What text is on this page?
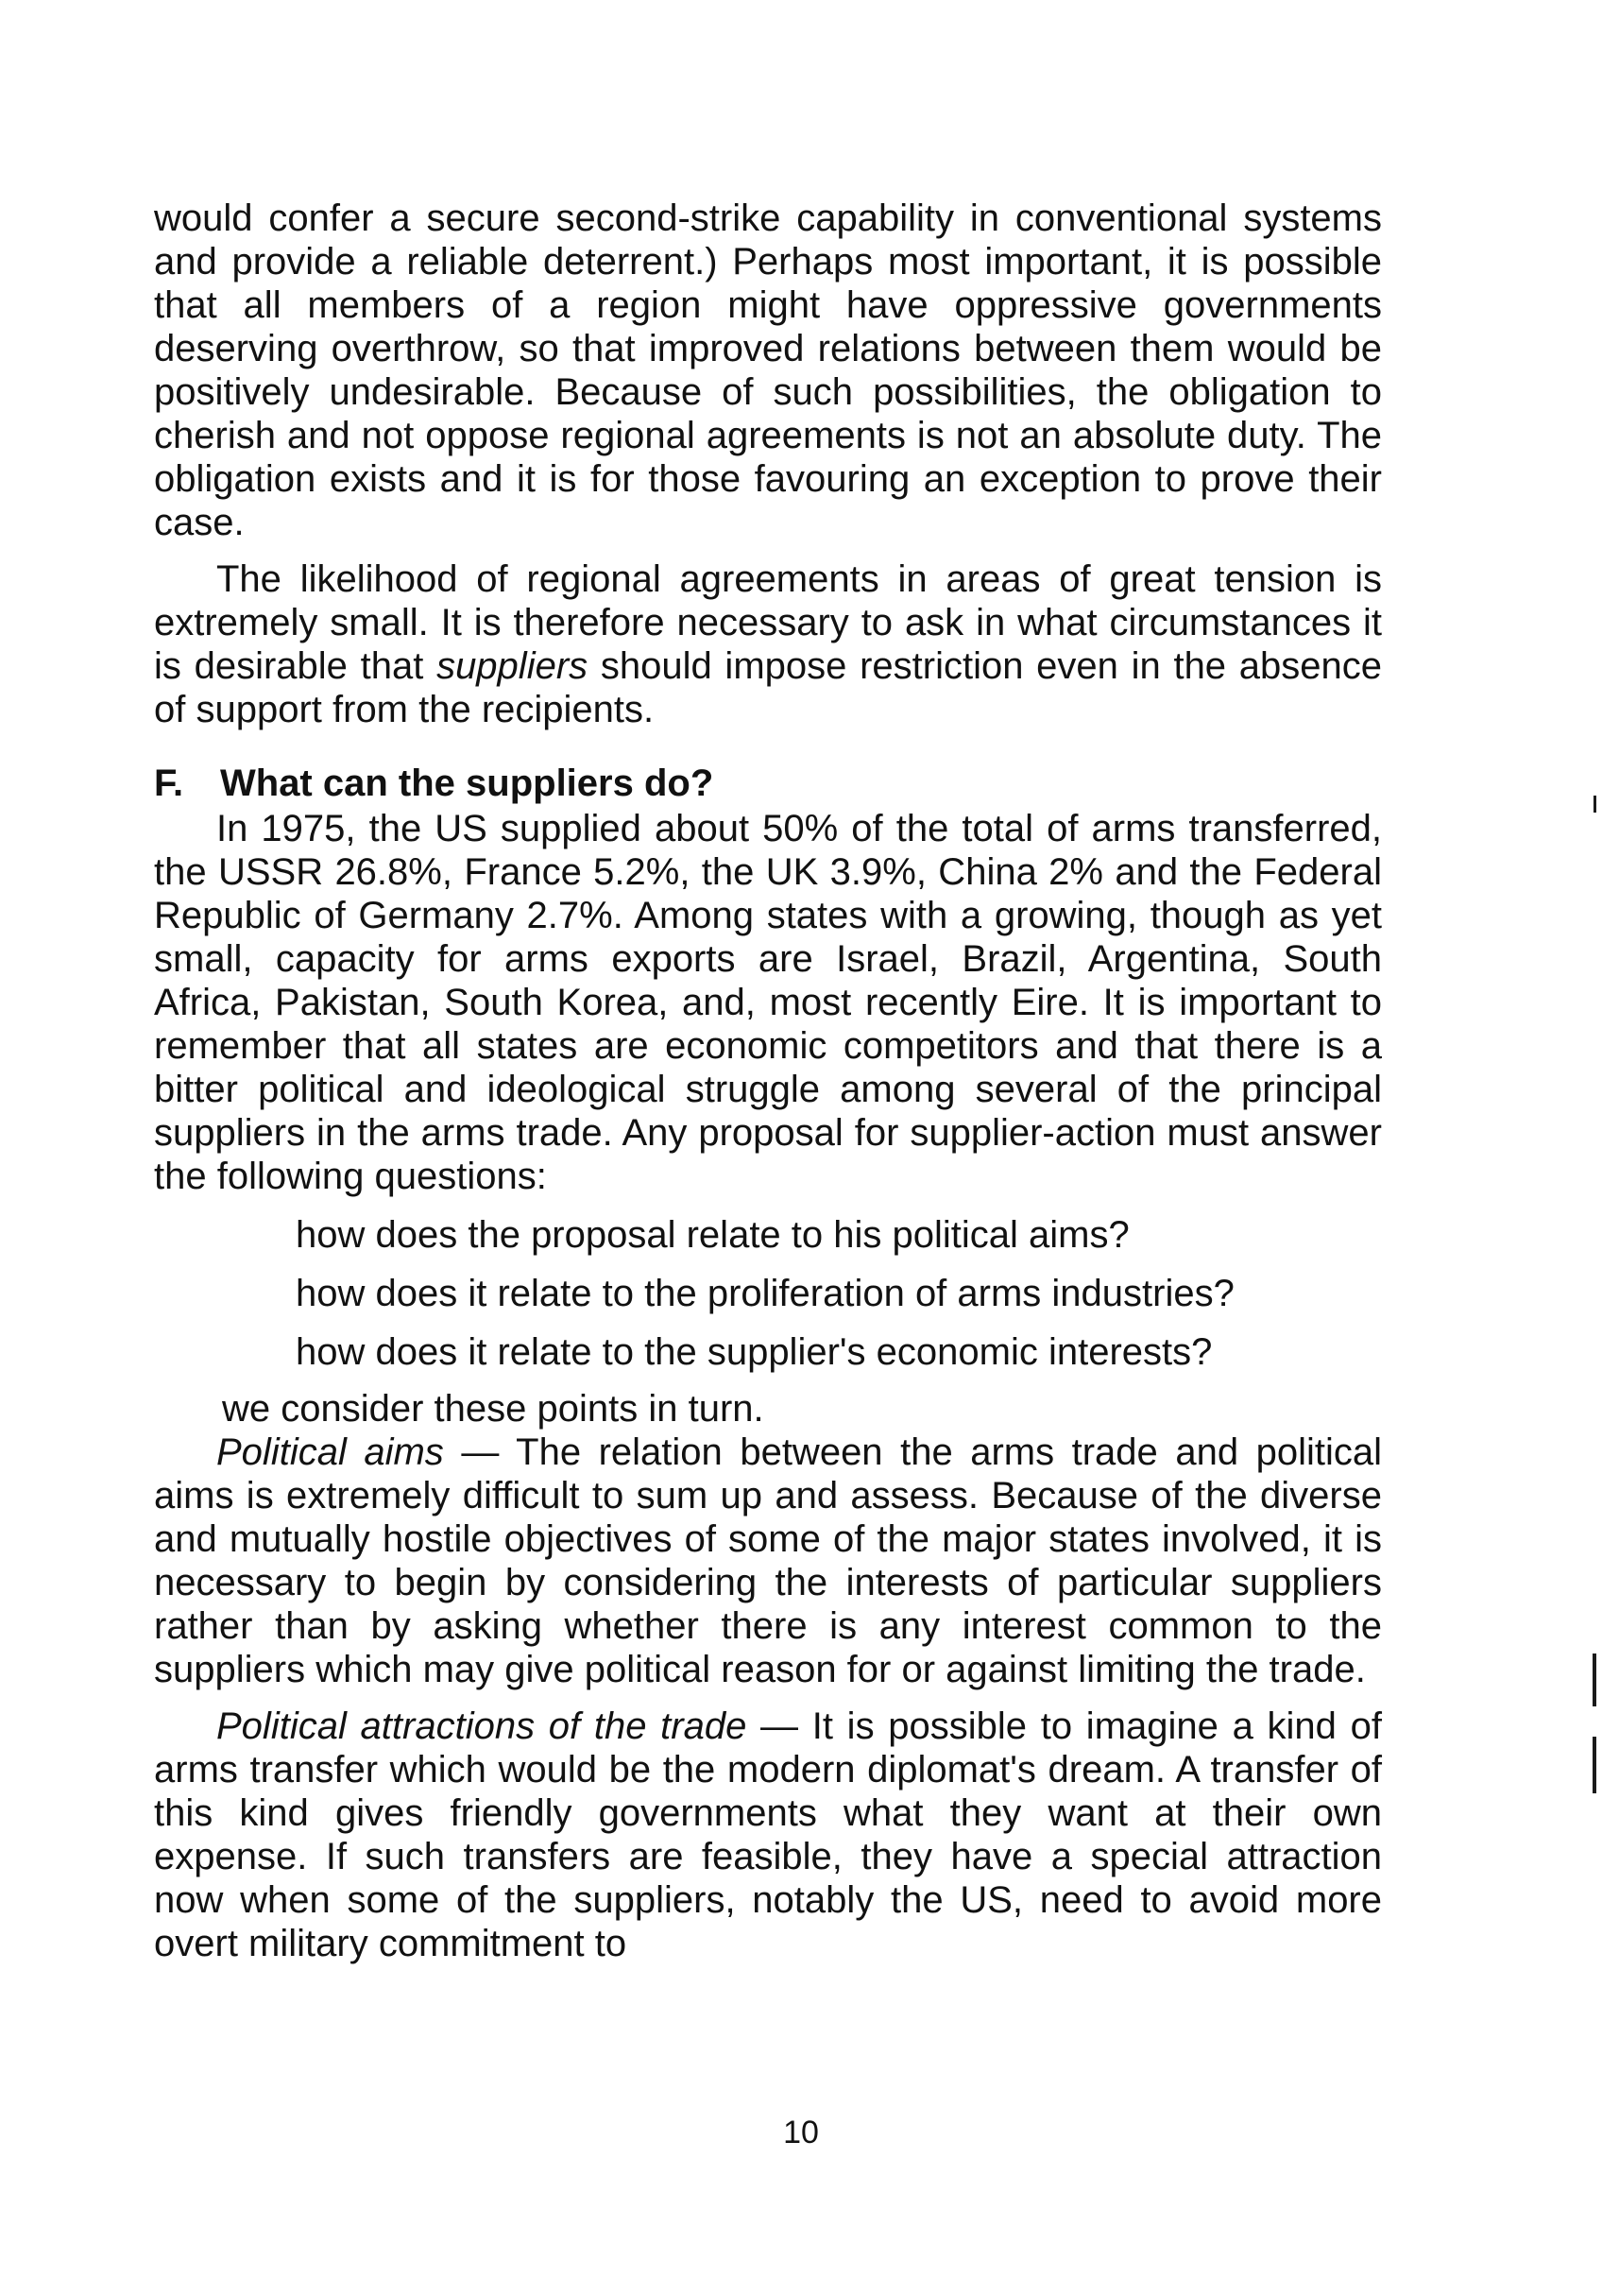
would confer a secure second-strike capability in conventional systems and provide a reliable deterrent.) Perhaps most important, it is possible that all members of a region might have oppressive governments deserving overthrow, so that improved relations between them would be positively undesirable. Because of such possibilities, the obligation to cherish and not oppose regional agreements is not an absolute duty. The obligation exists and it is for those favouring an exception to prove their case.

The likelihood of regional agreements in areas of great tension is extremely small. It is therefore necessary to ask in what circumstances it is desirable that suppliers should impose restriction even in the absence of support from the recipients.

F. What can the suppliers do?

In 1975, the US supplied about 50% of the total of arms transferred, the USSR 26.8%, France 5.2%, the UK 3.9%, China 2% and the Federal Republic of Germany 2.7%. Among states with a growing, though as yet small, capacity for arms exports are Israel, Brazil, Argentina, South Africa, Pakistan, South Korea, and, most recently Eire. It is important to remember that all states are economic competitors and that there is a bitter political and ideological struggle among several of the principal suppliers in the arms trade. Any proposal for supplier-action must answer the following questions:

how does the proposal relate to his political aims?

how does it relate to the proliferation of arms industries?

how does it relate to the supplier's economic interests?

we consider these points in turn.

Political aims — The relation between the arms trade and political aims is extremely difficult to sum up and assess. Because of the diverse and mutually hostile objectives of some of the major states involved, it is necessary to begin by considering the interests of particular suppliers rather than by asking whether there is any interest common to the suppliers which may give political reason for or against limiting the trade.

Political attractions of the trade — It is possible to imagine a kind of arms transfer which would be the modern diplomat's dream. A transfer of this kind gives friendly governments what they want at their own expense. If such transfers are feasible, they have a special attraction now when some of the suppliers, notably the US, need to avoid more overt military commitment to

10
